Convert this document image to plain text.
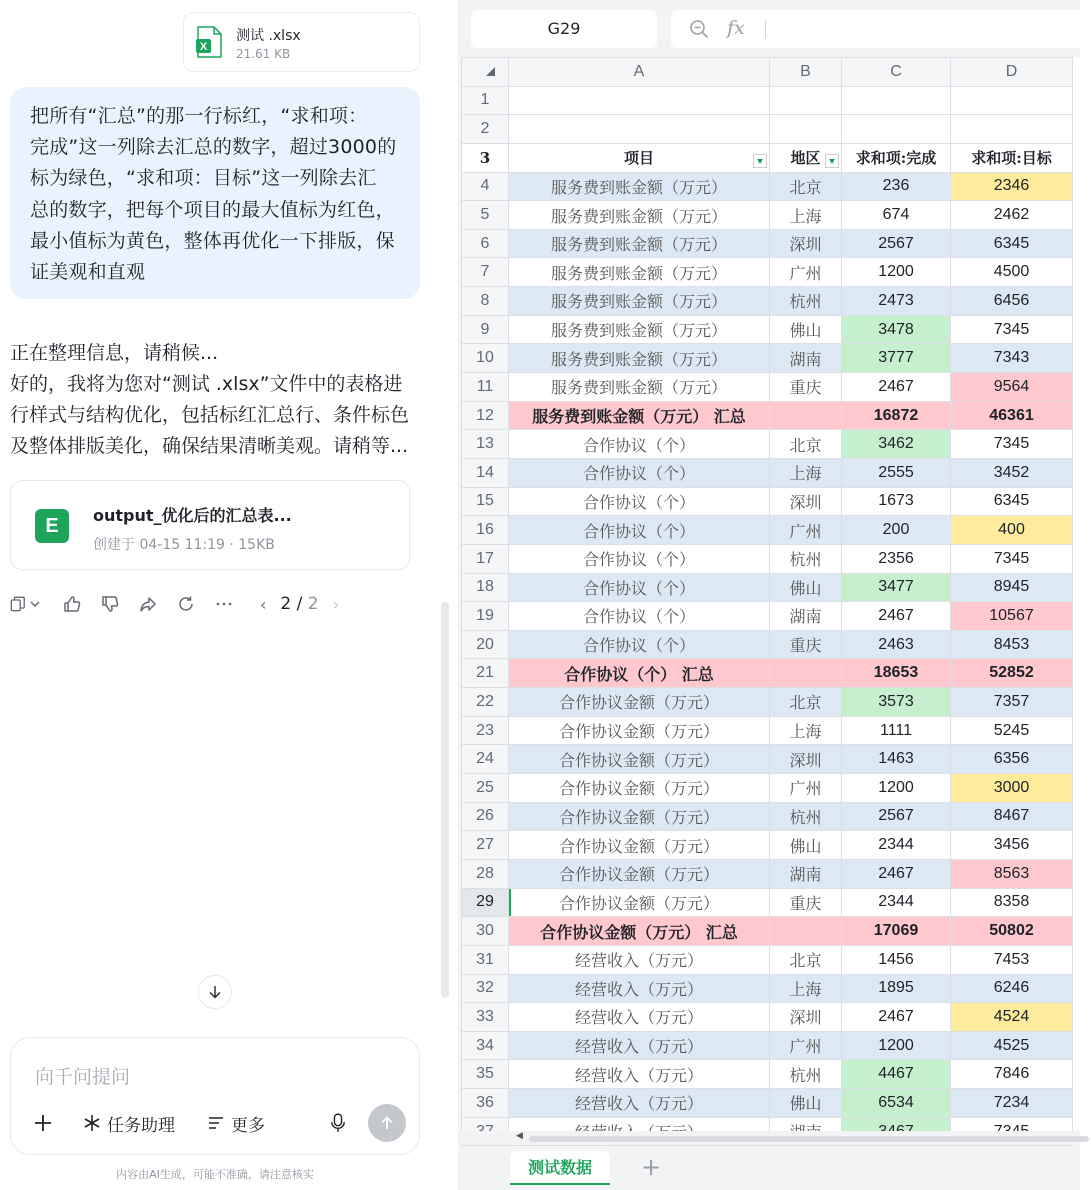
X
测试 .xlsx
21.61 KB

把所有“汇总”的那一行标红，“求和项：

完成”这一列除去汇总的数字，超过3000的

标为绿色，“求和项：目标”这一列除去汇

总的数字，把每个项目的最大值标为红色，

最小值标为黄色，整体再优化一下排版，保

证美观和直观

正在整理信息，请稍候...

好的，我将为您对“测试 .xlsx”文件中的表格进

行样式与结构优化，包括标红汇总行、条件标色

及整体排版美化，确保结果清晰美观。请稍等...

E	output_优化后的汇总表...
创建于 04-15 11:19 · 15KB
‹ 2 / 2 ›
向千问提问
任务助理	更多
内容由AI生成，可能不准确，请注意核实
G29	fx
	A	B	C	D
1				
2				
3	项目	地区	求和项:完成	求和项:目标
4	服务费到账金额（万元）	北京	236	2346
5	服务费到账金额（万元）	上海	674	2462
6	服务费到账金额（万元）	深圳	2567	6345
7	服务费到账金额（万元）	广州	1200	4500
8	服务费到账金额（万元）	杭州	2473	6456
9	服务费到账金额（万元）	佛山	3478	7345
10	服务费到账金额（万元）	湖南	3777	7343
11	服务费到账金额（万元）	重庆	2467	9564
12	服务费到账金额（万元） 汇总		16872	46361
13	合作协议（个）	北京	3462	7345
14	合作协议（个）	上海	2555	3452
15	合作协议（个）	深圳	1673	6345
16	合作协议（个）	广州	200	400
17	合作协议（个）	杭州	2356	7345
18	合作协议（个）	佛山	3477	8945
19	合作协议（个）	湖南	2467	10567
20	合作协议（个）	重庆	2463	8453
21	合作协议（个） 汇总		18653	52852
22	合作协议金额（万元）	北京	3573	7357
23	合作协议金额（万元）	上海	1111	5245
24	合作协议金额（万元）	深圳	1463	6356
25	合作协议金额（万元）	广州	1200	3000
26	合作协议金额（万元）	杭州	2567	8467
27	合作协议金额（万元）	佛山	2344	3456
28	合作协议金额（万元）	湖南	2467	8563
29	合作协议金额（万元）	重庆	2344	8358
30	合作协议金额（万元） 汇总		17069	50802
31	经营收入（万元）	北京	1456	7453
32	经营收入（万元）	上海	1895	6246
33	经营收入（万元）	深圳	2467	4524
34	经营收入（万元）	广州	1200	4525
35	经营收入（万元）	杭州	4467	7846
36	经营收入（万元）	佛山	6534	7234

◀
测试数据	+
